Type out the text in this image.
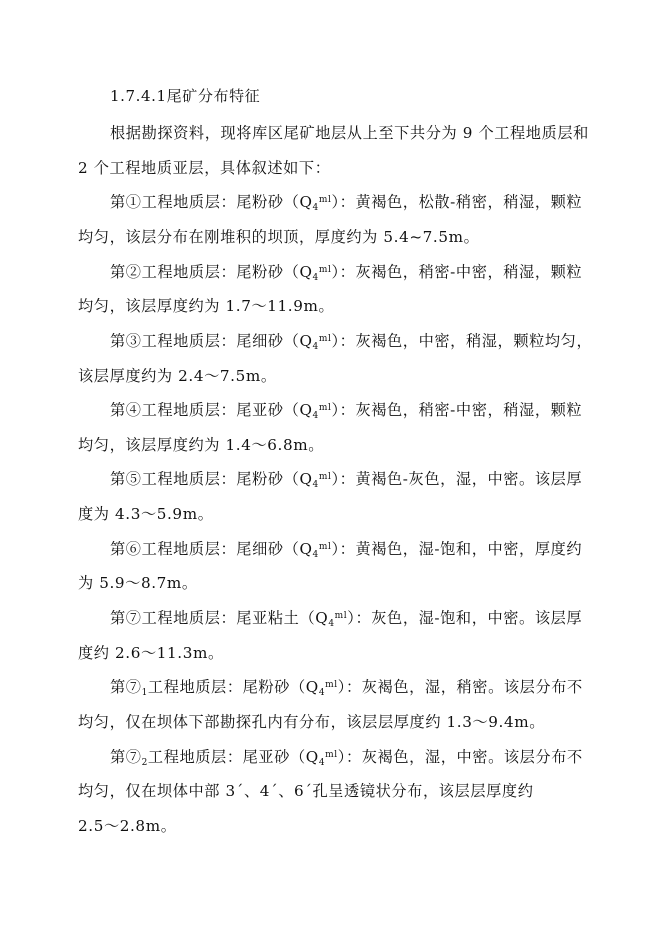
1.7.4.1尾矿分布特征
根据勘探资料，现将库区尾矿地层从上至下共分为 9 个工程地质层和
2 个工程地质亚层，具体叙述如下：
第①工程地质层：尾粉砂$(Q_4^{ml})$：黄褐色，松散-稍密，稍湿，颗粒
均匀，该层分布在刚堆积的坝顶，厚度约为 5.4~7.5m。
第②工程地质层：尾粉砂$(Q_4^{ml})$：灰褐色，稍密-中密，稍湿，颗粒
均匀，该层厚度约为 1.7～11.9m。
第③工程地质层：尾细砂$(Q_4^{ml})$：灰褐色，中密，稍湿，颗粒均匀，
该层厚度约为 2.4～7.5m。
第④工程地质层：尾亚砂$(Q_4^{ml})$：灰褐色，稍密-中密，稍湿，颗粒
均匀，该层厚度约为 1.4～6.8m。
第⑤工程地质层：尾粉砂$(Q_4^{ml})$：黄褐色-灰色，湿，中密。该层厚
度为 4.3～5.9m。
第⑥工程地质层：尾细砂$(Q_4^{ml})$：黄褐色，湿-饱和，中密，厚度约
为 5.9～8.7m。
第⑦工程地质层：尾亚粘土$(Q_4^{ml})$：灰色，湿-饱和，中密。该层厚
度约 2.6～11.3m。
第$⑦_1$工程地质层：尾粉砂$(Q_4^{ml})$：灰褐色，湿，稍密。该层分布不
均匀，仅在坝体下部勘探孔内有分布，该层层厚度约 1.3～9.4m。
第$⑦_2$工程地质层：尾亚砂$(Q_4^{ml})$：灰褐色，湿，中密。该层分布不
均匀，仅在坝体中部 3ˊ、4ˊ、6ˊ孔呈透镜状分布，该层层厚度约
2.5～2.8m。
